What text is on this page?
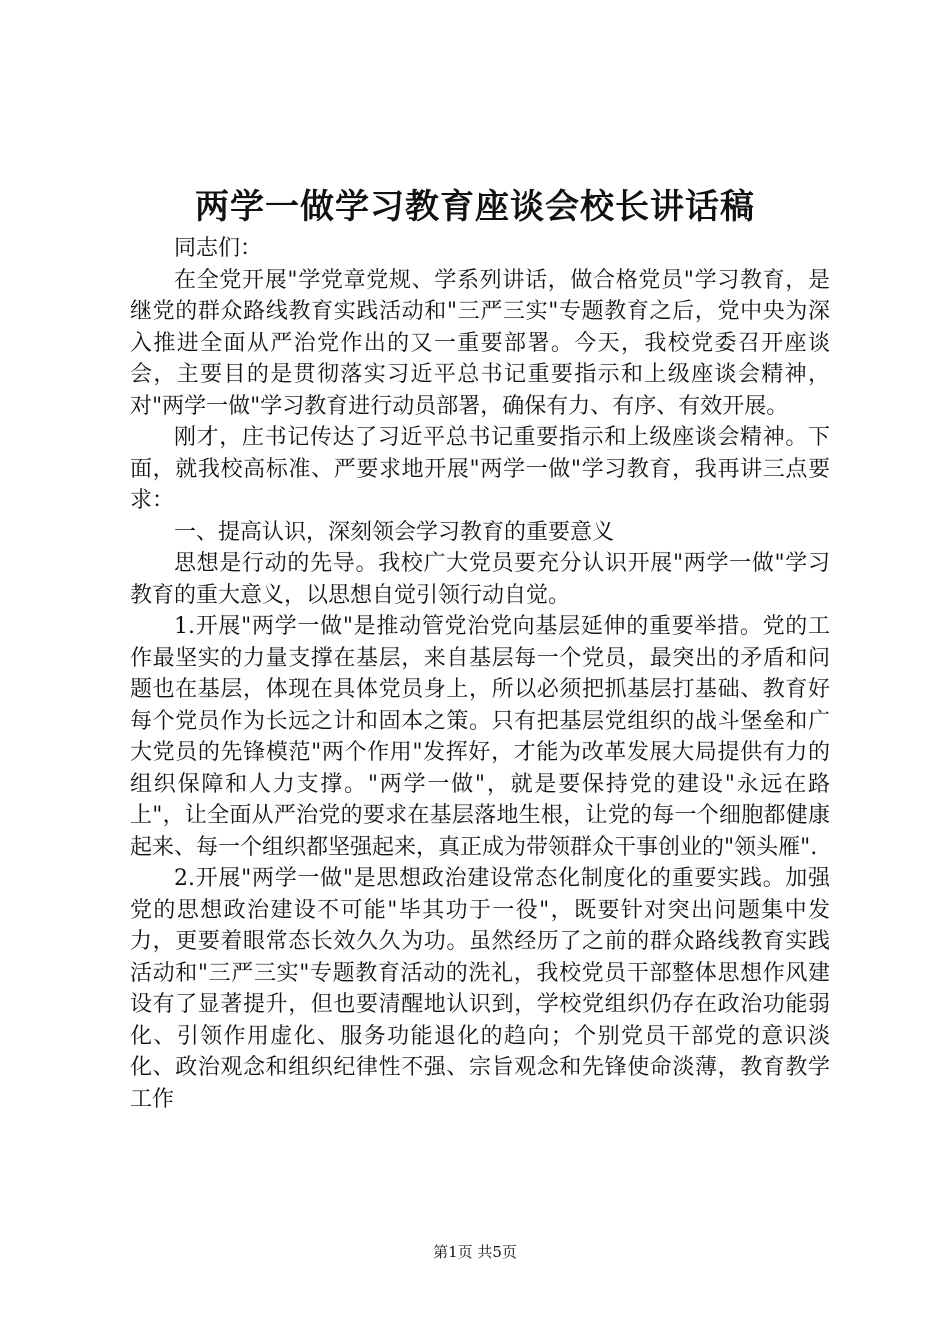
两学一做学习教育座谈会校长讲话稿

同志们：

在全党开展"学党章党规、学系列讲话，做合格党员"学习教育，是继党的群众路线教育实践活动和"三严三实"专题教育之后，党中央为深入推进全面从严治党作出的又一重要部署。今天，我校党委召开座谈会，主要目的是贯彻落实习近平总书记重要指示和上级座谈会精神，对"两学一做"学习教育进行动员部署，确保有力、有序、有效开展。

刚才，庄书记传达了习近平总书记重要指示和上级座谈会精神。下面，就我校高标准、严要求地开展"两学一做"学习教育，我再讲三点要求：

一、提高认识，深刻领会学习教育的重要意义

思想是行动的先导。我校广大党员要充分认识开展"两学一做"学习教育的重大意义，以思想自觉引领行动自觉。

1.开展"两学一做"是推动管党治党向基层延伸的重要举措。党的工作最坚实的力量支撑在基层，来自基层每一个党员，最突出的矛盾和问题也在基层，体现在具体党员身上，所以必须把抓基层打基础、教育好每个党员作为长远之计和固本之策。只有把基层党组织的战斗堡垒和广大党员的先锋模范"两个作用"发挥好，才能为改革发展大局提供有力的组织保障和人力支撑。"两学一做"，就是要保持党的建设"永远在路上"，让全面从严治党的要求在基层落地生根，让党的每一个细胞都健康起来、每一个组织都坚强起来，真正成为带领群众干事创业的"领头雁".

2.开展"两学一做"是思想政治建设常态化制度化的重要实践。加强党的思想政治建设不可能"毕其功于一役"，既要针对突出问题集中发力，更要着眼常态长效久久为功。虽然经历了之前的群众路线教育实践活动和"三严三实"专题教育活动的洗礼，我校党员干部整体思想作风建设有了显著提升，但也要清醒地认识到，学校党组织仍存在政治功能弱化、引领作用虚化、服务功能退化的趋向；个别党员干部党的意识淡化、政治观念和组织纪律性不强、宗旨观念和先锋使命淡薄，教育教学工作

第1页 共5页
